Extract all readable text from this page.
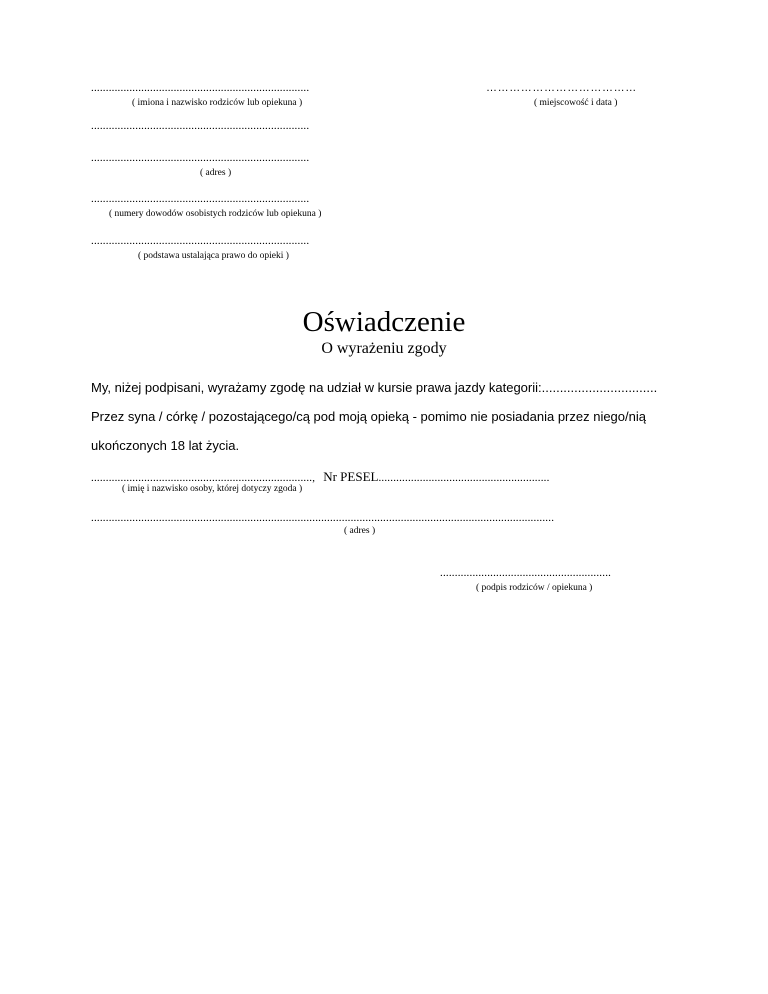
..........................................................................
( imiona i nazwisko rodziców lub opiekuna )
..........................................................................
..........................................................................
( adres )
..........................................................................
( numery dowodów osobistych rodziców lub opiekuna )
..........................................................................
( podstawa ustalająca prawo do opieki )
…………………………………
( miejscowość i data )
Oświadczenie
O wyrażeniu zgody
My, niżej podpisani, wyrażamy zgodę na udział w kursie prawa jazdy kategorii:................................
Przez syna / córkę / pozostającego/cą pod moją opieką - pomimo nie posiadania przez niego/nią
ukończonych 18 lat życia.
..........................................................................., Nr PESEL..........................................................
( imię i nazwisko osoby, której dotyczy zgoda )
.............................................................................................................................................................
( adres )
..........................................................
( podpis rodziców / opiekuna )
